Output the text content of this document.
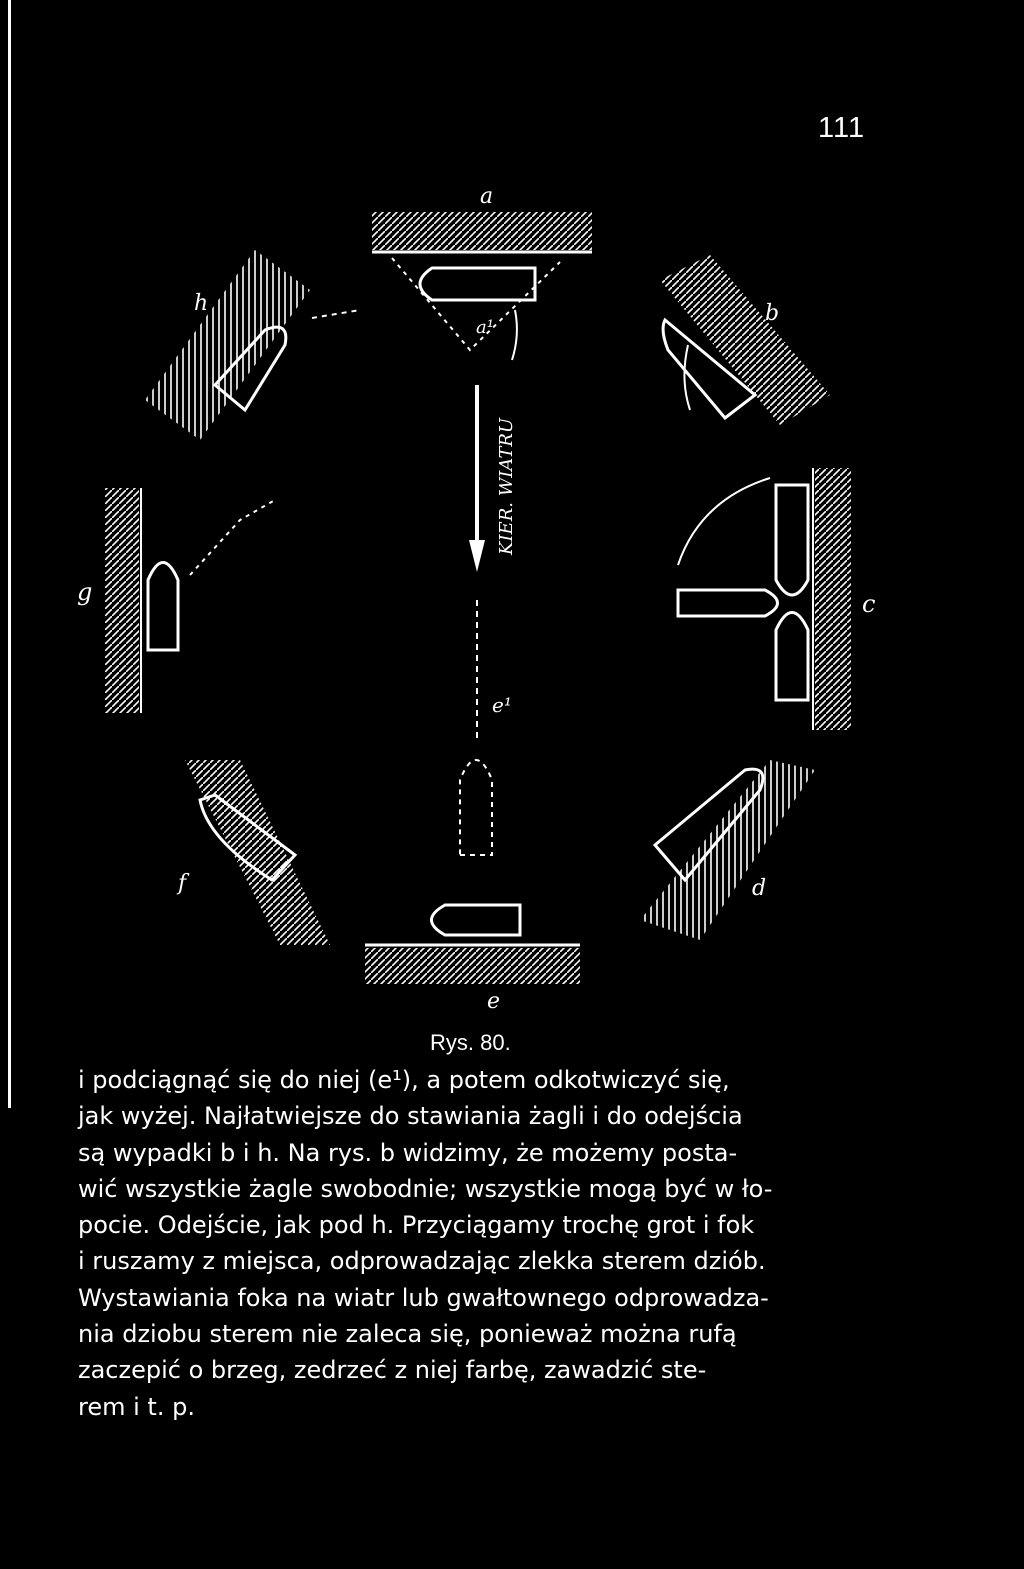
111
KIER. WIATRU
a
a¹
b
c
d
e
e¹
f
g
h
Rys. 80.
i podciągnąć się do niej (e¹), a potem odkotwiczyć się,
jak wyżej. Najłatwiejsze do stawiania żagli i do odejścia
są wypadki b i h. Na rys. b widzimy, że możemy posta-
wić wszystkie żagle swobodnie; wszystkie mogą być w ło-
pocie. Odejście, jak pod h. Przyciągamy trochę grot i fok
i ruszamy z miejsca, odprowadzając zlekka sterem dziób.
Wystawiania foka na wiatr lub gwałtownego odprowadza-
nia dziobu sterem nie zaleca się, ponieważ można rufą
zaczepić o brzeg, zedrzeć z niej farbę, zawadzić ste-
rem i t. p.
